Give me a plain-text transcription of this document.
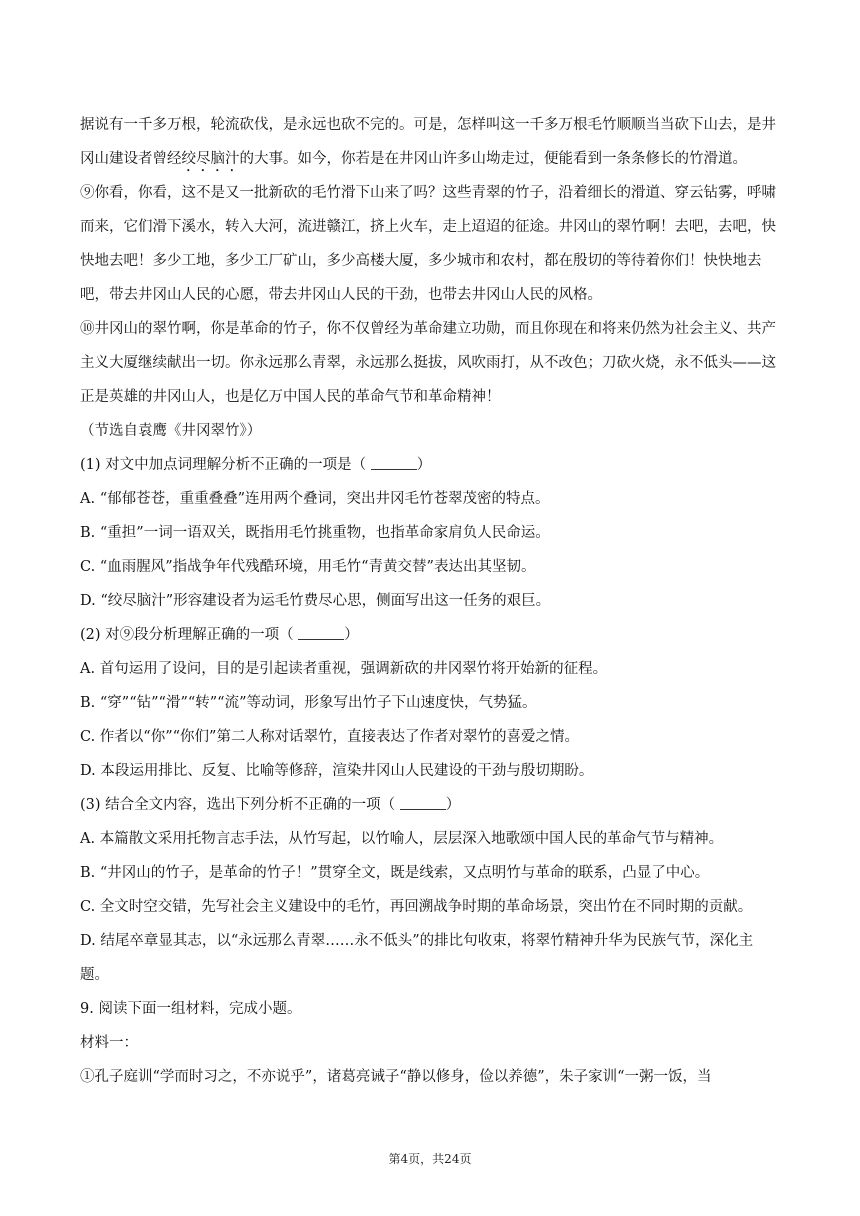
据说有一千多万根，轮流砍伐，是永远也砍不完的。可是，怎样叫这一千多万根毛竹顺顺当当砍下山去，是井冈山建设者曾经绞尽脑汁的大事。如今，你若是在井冈山许多山坳走过，便能看到一条条修长的竹滑道。

⑨你看，你看，这不是又一批新砍的毛竹滑下山来了吗？这些青翠的竹子，沿着细长的滑道、穿云钻雾，呼啸而来，它们滑下溪水，转入大河，流进赣江，挤上火车，走上迢迢的征途。井冈山的翠竹啊！去吧，去吧，快快地去吧！多少工地，多少工厂矿山，多少高楼大厦，多少城市和农村，都在殷切的等待着你们！快快地去吧，带去井冈山人民的心愿，带去井冈山人民的干劲，也带去井冈山人民的风格。

⑩井冈山的翠竹啊，你是革命的竹子，你不仅曾经为革命建立功勋，而且你现在和将来仍然为社会主义、共产主义大厦继续献出一切。你永远那么青翠，永远那么挺拔，风吹雨打，从不改色；刀砍火烧，永不低头——这正是英雄的井冈山人，也是亿万中国人民的革命气节和革命精神！

（节选自袁鹰《井冈翠竹》）

(1) 对文中加点词理解分析不正确的一项是（	）

A. “郁郁苍苍，重重叠叠”连用两个叠词，突出井冈毛竹苍翠茂密的特点。

B. “重担”一词一语双关，既指用毛竹挑重物，也指革命家肩负人民命运。

C. “血雨腥风”指战争年代残酷环境，用毛竹“青黄交替”表达出其坚韧。

D. “绞尽脑汁”形容建设者为运毛竹费尽心思，侧面写出这一任务的艰巨。

(2) 对⑨段分析理解正确的一项（	）

A. 首句运用了设问，目的是引起读者重视，强调新砍的井冈翠竹将开始新的征程。

B. “穿”“钻”“滑”“转”“流”等动词，形象写出竹子下山速度快，气势猛。

C. 作者以“你”“你们”第二人称对话翠竹，直接表达了作者对翠竹的喜爱之情。

D. 本段运用排比、反复、比喻等修辞，渲染井冈山人民建设的干劲与殷切期盼。

(3) 结合全文内容，选出下列分析不正确的一项（	）

A. 本篇散文采用托物言志手法，从竹写起，以竹喻人，层层深入地歌颂中国人民的革命气节与精神。

B. “井冈山的竹子，是革命的竹子！”贯穿全文，既是线索，又点明竹与革命的联系，凸显了中心。

C. 全文时空交错，先写社会主义建设中的毛竹，再回溯战争时期的革命场景，突出竹在不同时期的贡献。

D. 结尾卒章显其志，以“永远那么青翠……永不低头”的排比句收束，将翠竹精神升华为民族气节，深化主题。

9. 阅读下面一组材料，完成小题。

材料一：

①孔子庭训“学而时习之，不亦说乎”，诸葛亮诫子“静以修身，俭以养德”，朱子家训“一粥一饭，当

第4页，共24页
